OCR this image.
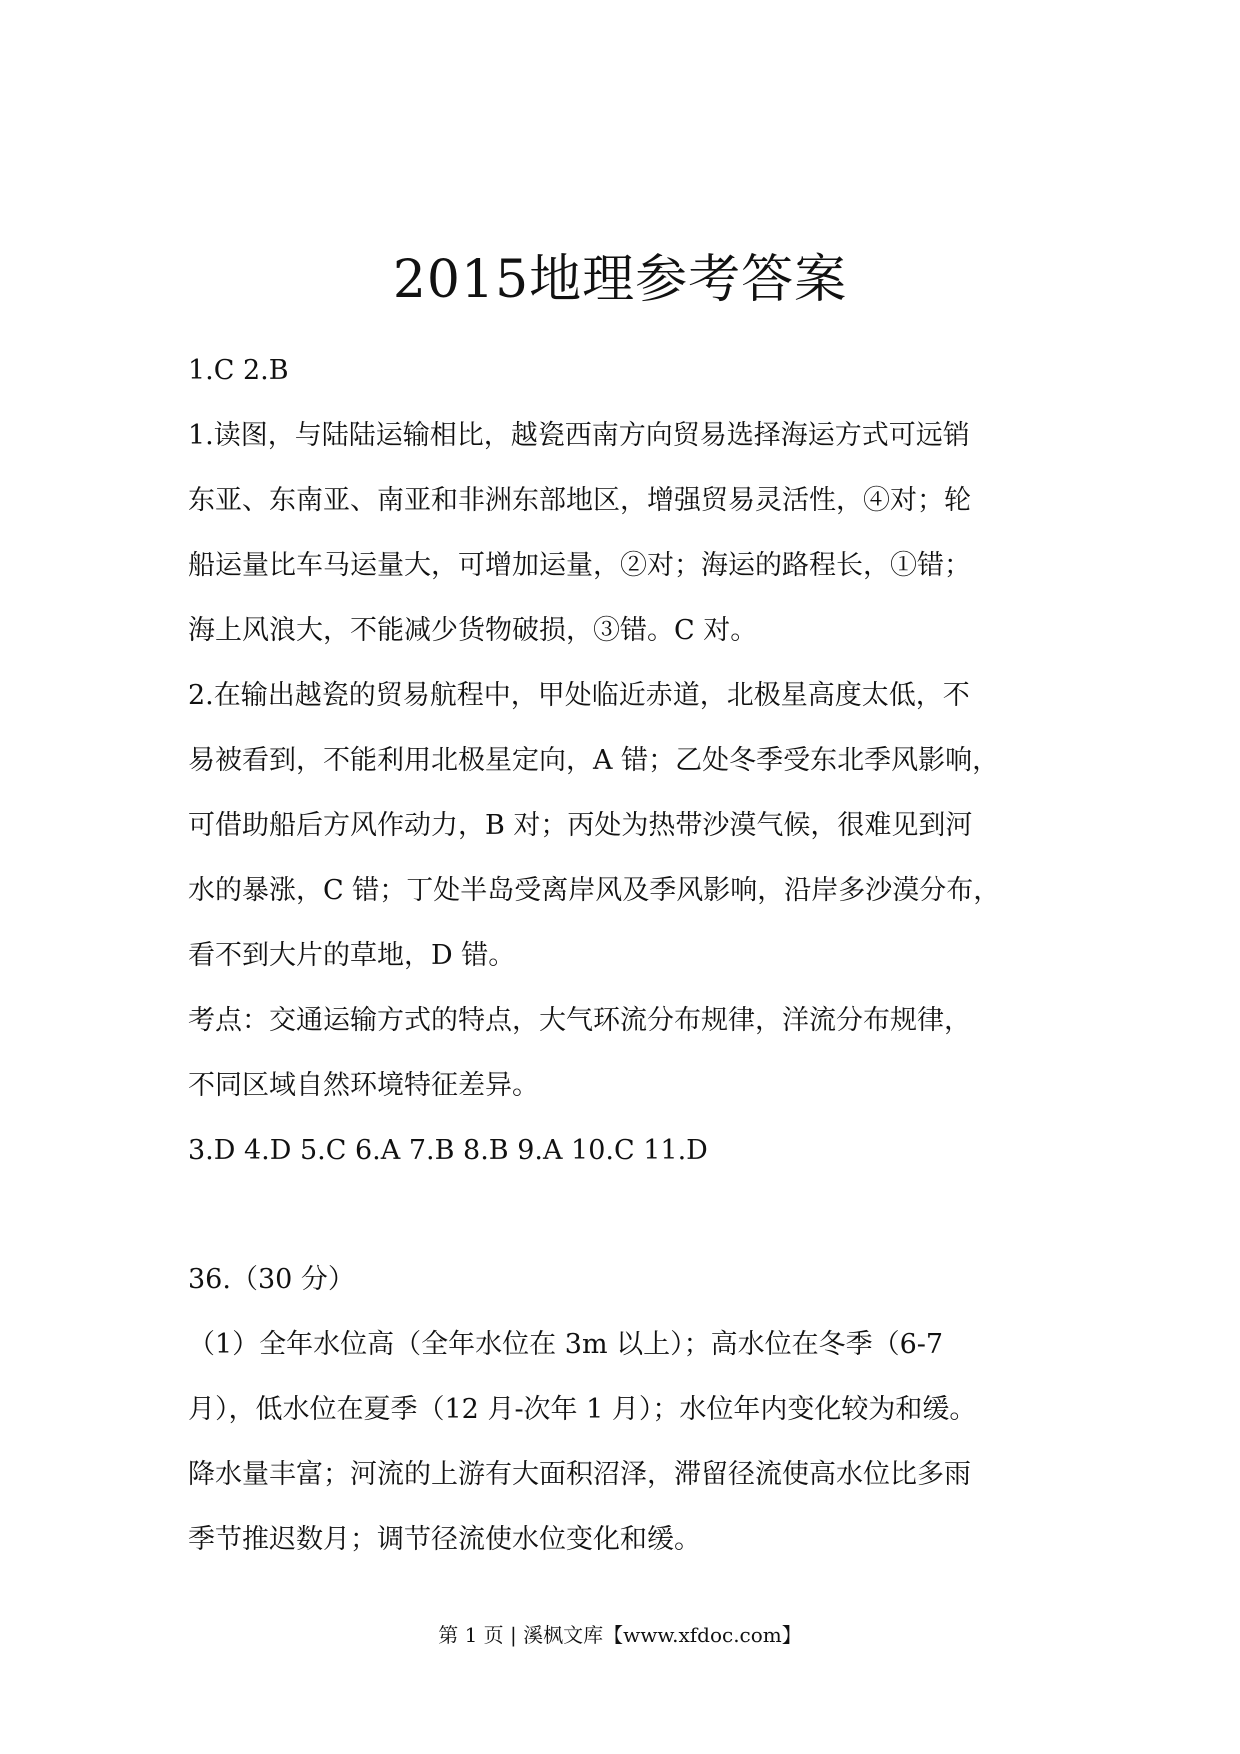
2015地理参考答案
1.C 2.B
1.读图，与陆陆运输相比，越瓷西南方向贸易选择海运方式可远销
东亚、东南亚、南亚和非洲东部地区，增强贸易灵活性，④对；轮
船运量比车马运量大，可增加运量，②对；海运的路程长，①错；
海上风浪大，不能减少货物破损，③错。C 对。
2.在输出越瓷的贸易航程中，甲处临近赤道，北极星高度太低，不
易被看到，不能利用北极星定向，A 错；乙处冬季受东北季风影响，
可借助船后方风作动力，B 对；丙处为热带沙漠气候，很难见到河
水的暴涨，C 错；丁处半岛受离岸风及季风影响，沿岸多沙漠分布，
看不到大片的草地，D 错。
考点：交通运输方式的特点，大气环流分布规律，洋流分布规律，
不同区域自然环境特征差异。
3.D 4.D 5.C 6.A 7.B 8.B 9.A 10.C 11.D
36.（30 分）
（1）全年水位高（全年水位在 3m 以上）；高水位在冬季（6-7
月），低水位在夏季（12 月-次年 1 月）；水位年内变化较为和缓。
降水量丰富；河流的上游有大面积沼泽，滞留径流使高水位比多雨
季节推迟数月；调节径流使水位变化和缓。
第 1 页 | 溪枫文库【www.xfdoc.com】
